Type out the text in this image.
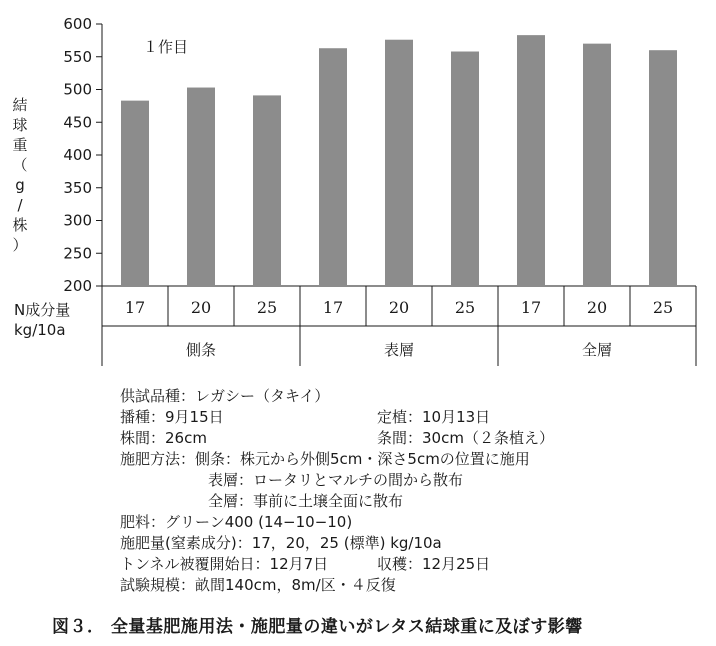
200
250
300
350
400
450
500
550
600
17	20	25
側条
17	20	25
表層
17	20	25
全層
結
球
重
（
g
/
株
）
N成分量
kg/10a
１作目
供試品種：レガシー（タキイ）
播種：9月15日	定植：10月13日
株間：26cm	条間：30cm（２条植え）
施肥方法：側条：株元から外側5cm・深さ5cmの位置に施用
表層：ロータリとマルチの間から散布
全層：事前に土壌全面に散布
肥料：グリーン400 (14−10−10)
施肥量(窒素成分)：17，20，25 (標準) kg/10a
トンネル被覆開始日：12月7日	収穫：12月25日
試験規模：畝間140cm，8m/区・４反復
図３． 全量基肥施用法・施肥量の違いがレタス結球重に及ぼす影響
